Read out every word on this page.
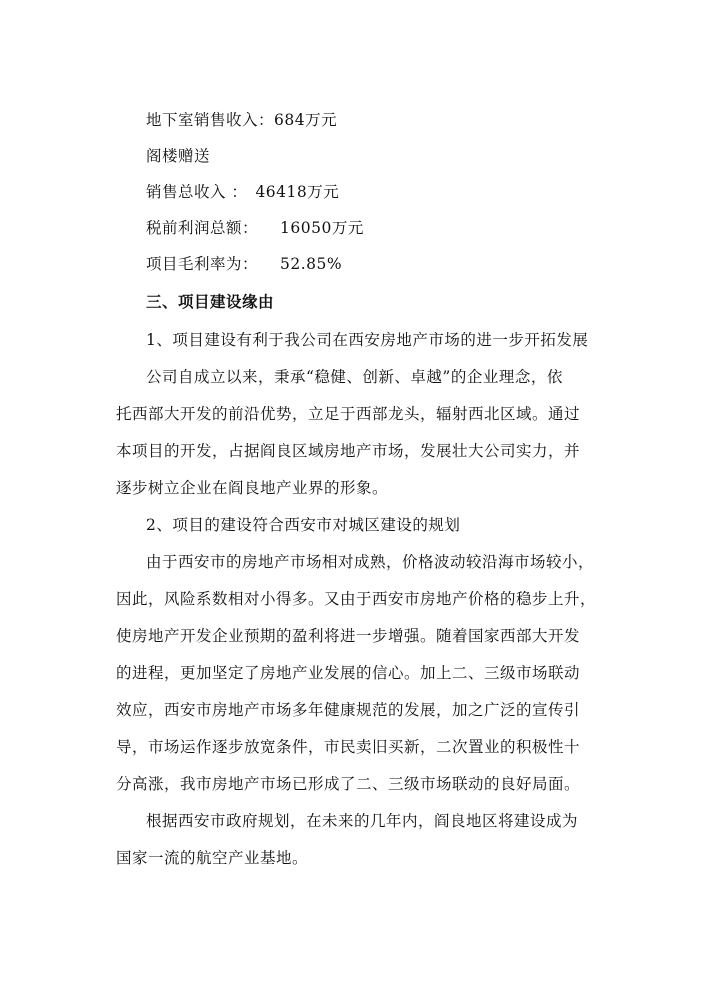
地下室销售收入：684万元
阁楼赠送
销售总收入 ： 46418万元
税前利润总额： 16050万元
项目毛利率为： 52.85%
三、项目建设缘由
1、项目建设有利于我公司在西安房地产市场的进一步开拓发展
公司自成立以来，秉承“稳健、创新、卓越”的企业理念，依
托西部大开发的前沿优势，立足于西部龙头，辐射西北区域。通过
本项目的开发，占据阎良区域房地产市场，发展壮大公司实力，并
逐步树立企业在阎良地产业界的形象。
2、项目的建设符合西安市对城区建设的规划
由于西安市的房地产市场相对成熟，价格波动较沿海市场较小，
因此，风险系数相对小得多。又由于西安市房地产价格的稳步上升，
使房地产开发企业预期的盈利将进一步增强。随着国家西部大开发
的进程，更加坚定了房地产业发展的信心。加上二、三级市场联动
效应，西安市房地产市场多年健康规范的发展，加之广泛的宣传引
导，市场运作逐步放宽条件，市民卖旧买新，二次置业的积极性十
分高涨，我市房地产市场已形成了二、三级市场联动的良好局面。
根据西安市政府规划，在未来的几年内，阎良地区将建设成为
国家一流的航空产业基地。
